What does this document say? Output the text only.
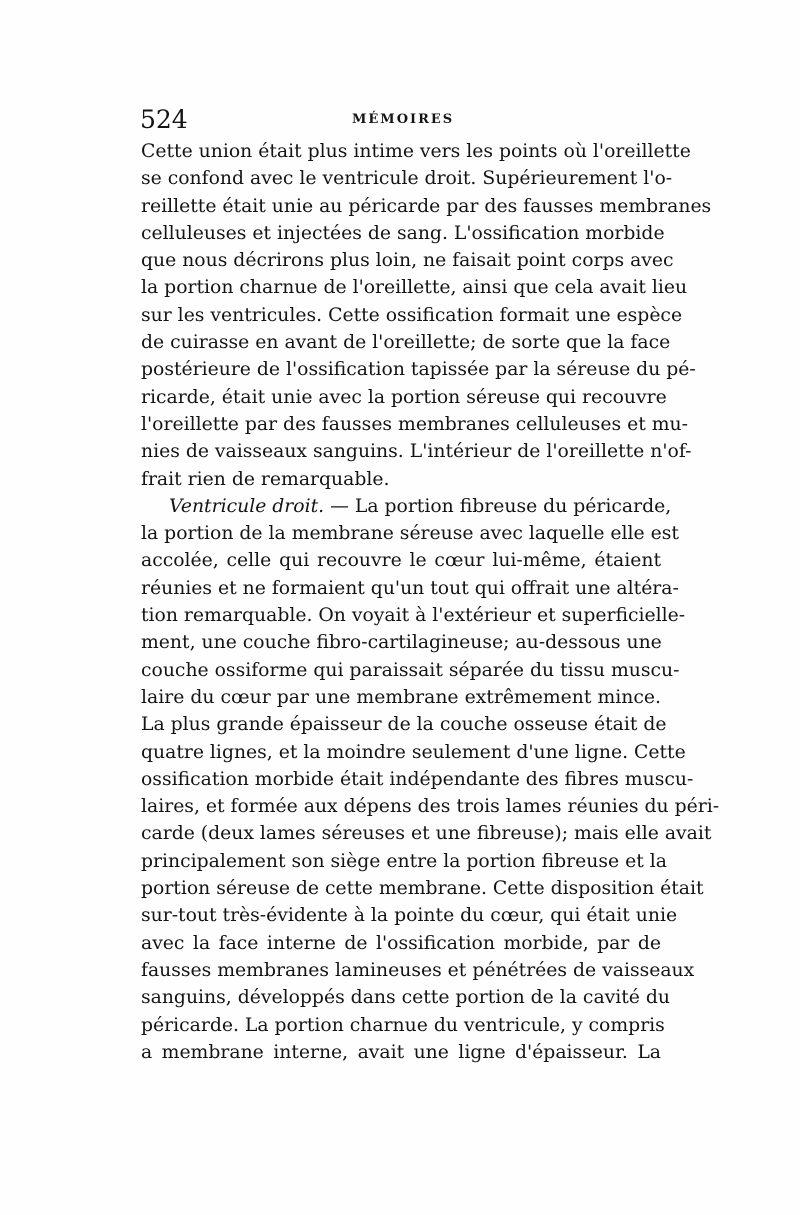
524	MÉMOIRES
Cette union était plus intime vers les points où l'oreillette
se confond avec le ventricule droit. Supérieurement l'o-
reillette était unie au péricarde par des fausses membranes
celluleuses et injectées de sang. L'ossification morbide
que nous décrirons plus loin, ne faisait point corps avec
la portion charnue de l'oreillette, ainsi que cela avait lieu
sur les ventricules. Cette ossification formait une espèce
de cuirasse en avant de l'oreillette; de sorte que la face
postérieure de l'ossification tapissée par la séreuse du pé-
ricarde, était unie avec la portion séreuse qui recouvre
l'oreillette par des fausses membranes celluleuses et mu-
nies de vaisseaux sanguins. L'intérieur de l'oreillette n'of-
frait rien de remarquable.
Ventricule droit. — La portion fibreuse du péricarde,
la portion de la membrane séreuse avec laquelle elle est
accolée, celle qui recouvre le cœur lui-même, étaient
réunies et ne formaient qu'un tout qui offrait une altéra-
tion remarquable. On voyait à l'extérieur et superficielle-
ment, une couche fibro-cartilagineuse; au-dessous une
couche ossiforme qui paraissait séparée du tissu muscu-
laire du cœur par une membrane extrêmement mince.
La plus grande épaisseur de la couche osseuse était de
quatre lignes, et la moindre seulement d'une ligne. Cette
ossification morbide était indépendante des fibres muscu-
laires, et formée aux dépens des trois lames réunies du péri-
carde (deux lames séreuses et une fibreuse); mais elle avait
principalement son siège entre la portion fibreuse et la
portion séreuse de cette membrane. Cette disposition était
sur-tout très-évidente à la pointe du cœur, qui était unie
avec la face interne de l'ossification morbide, par de
fausses membranes lamineuses et pénétrées de vaisseaux
sanguins, développés dans cette portion de la cavité du
péricarde. La portion charnue du ventricule, y compris
a membrane interne, avait une ligne d'épaisseur. La
